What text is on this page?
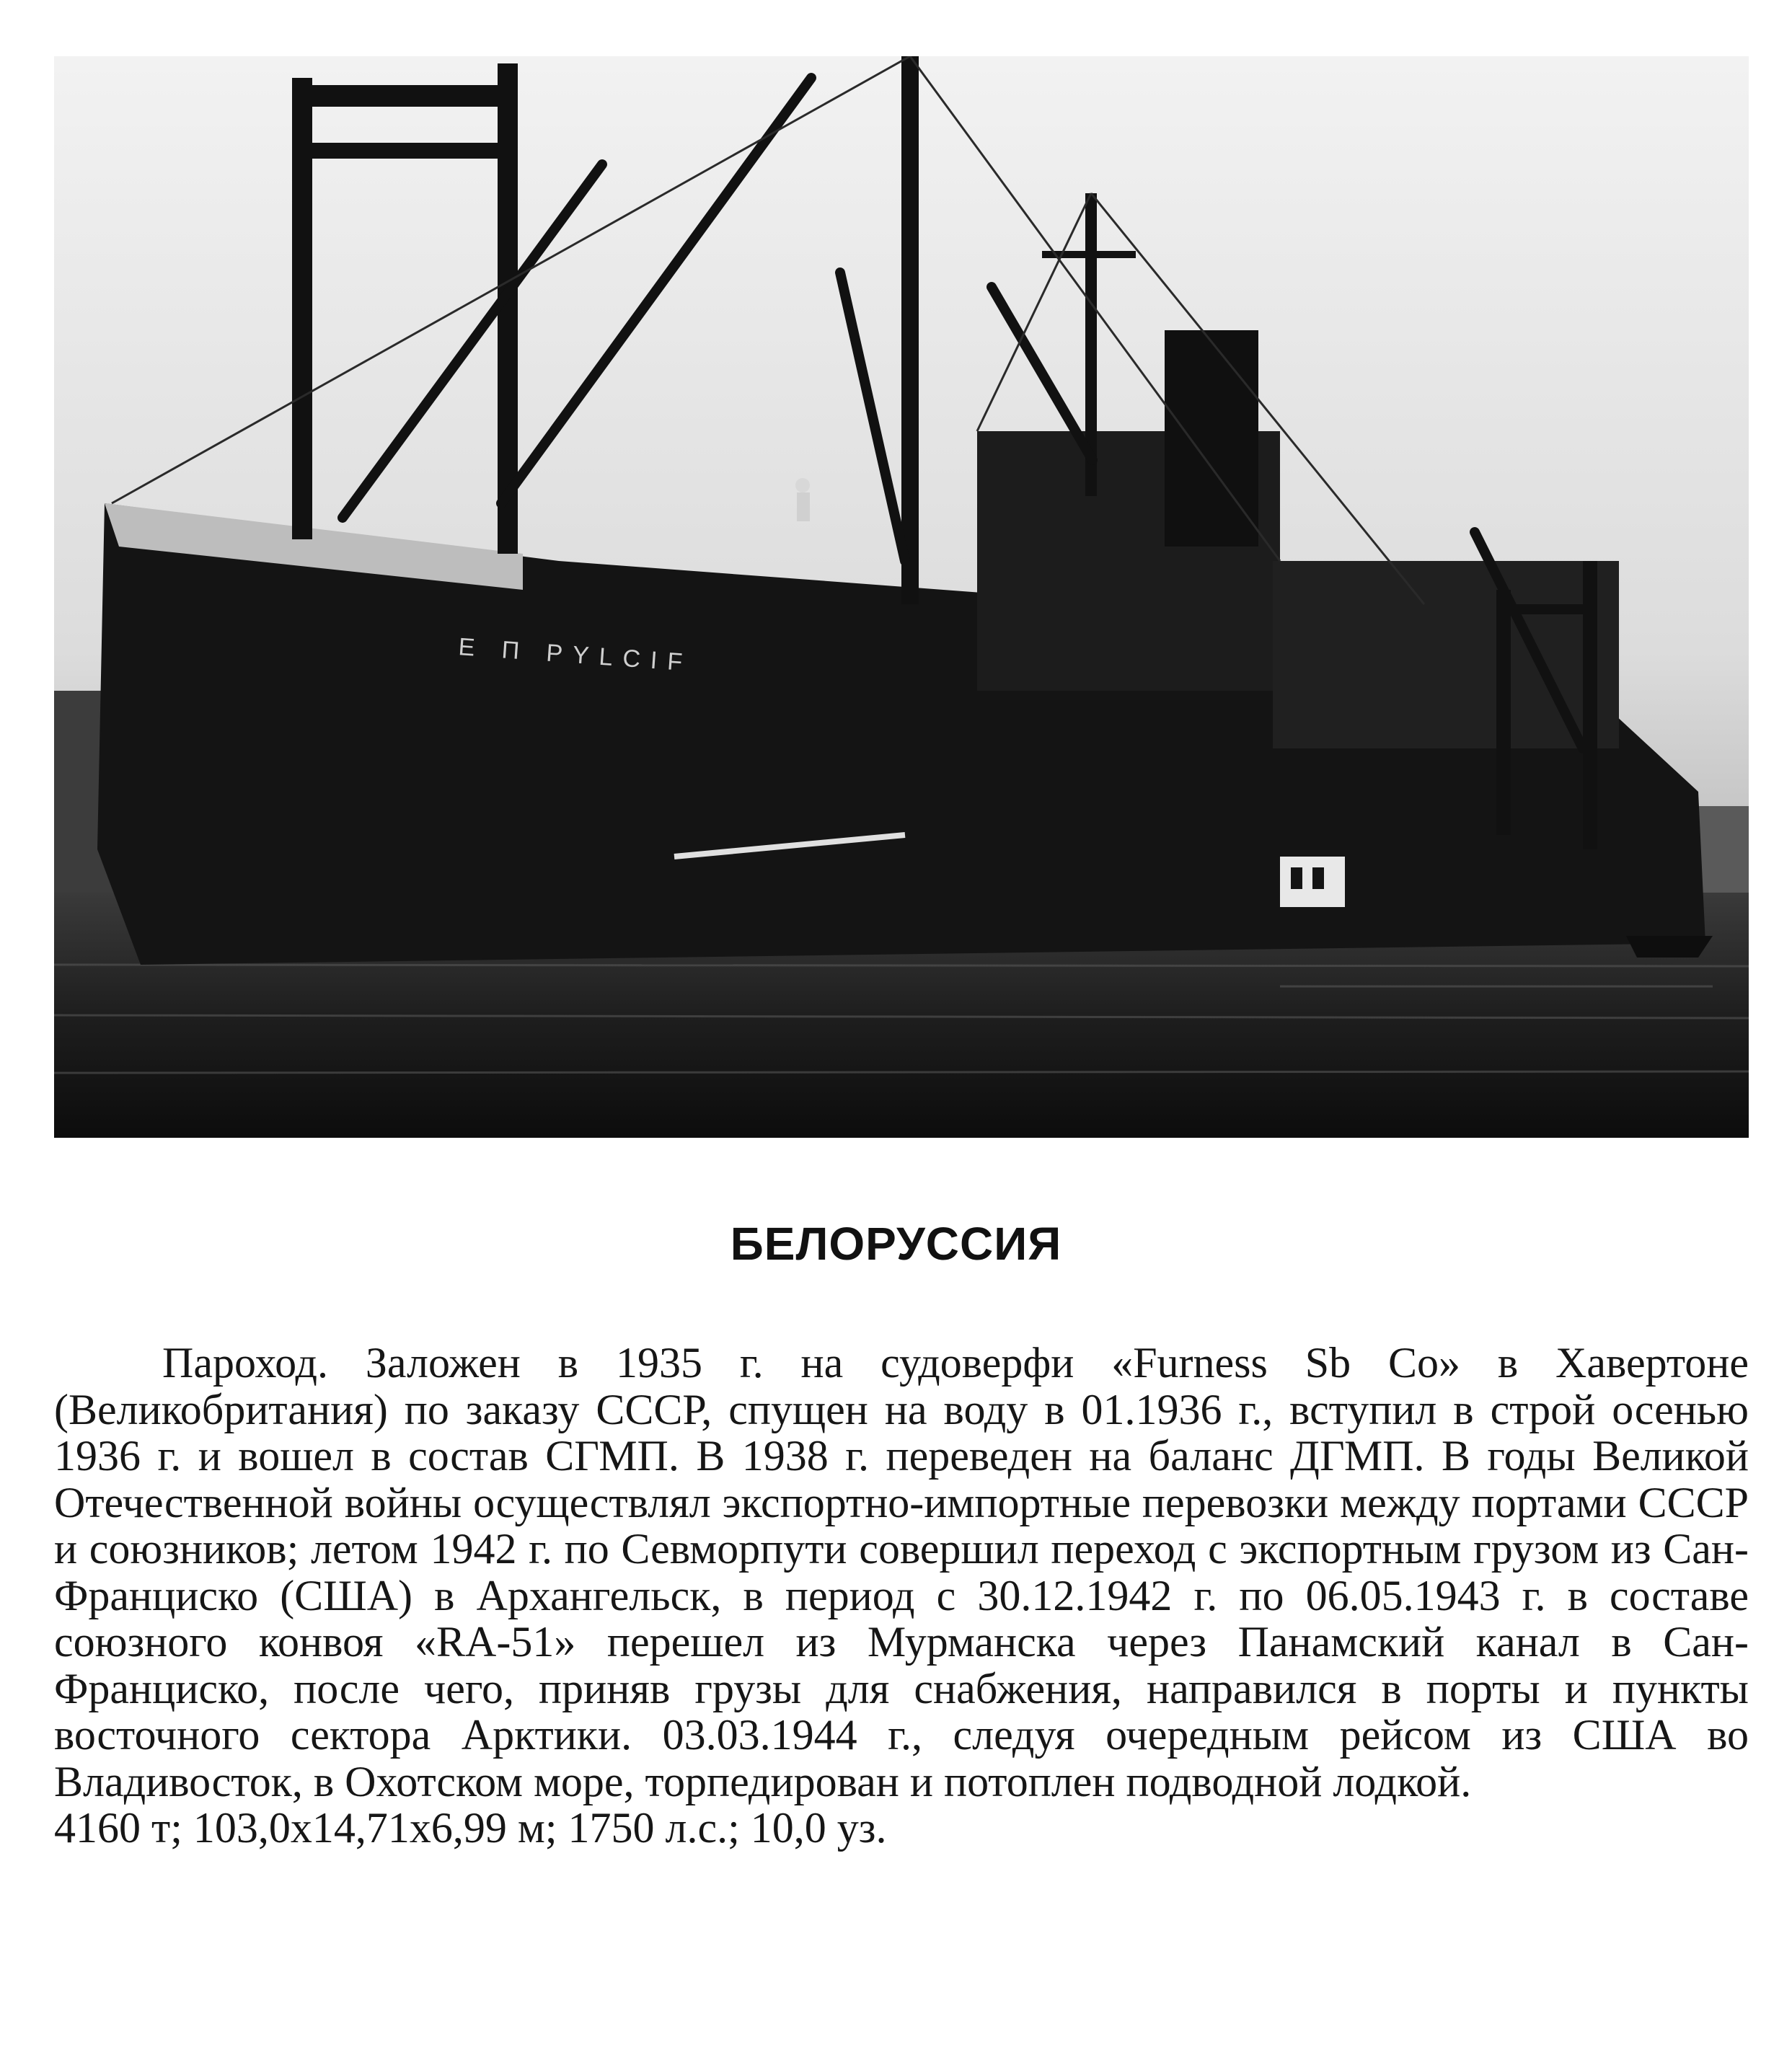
Е П PYLCIF
БЕЛОРУССИЯ

Пароход. Заложен в 1935 г. на судоверфи «Furness Sb Co» в Хавертоне (Великобритания) по заказу СССР, спущен на воду в 01.1936 г., вступил в строй осенью 1936 г. и вошел в состав СГМП. В 1938 г. переведен на баланс ДГМП. В годы Великой Отечественной войны осуществлял экспортно-импортные перевозки между портами СССР и союзников; летом 1942 г. по Севморпути совершил переход с экспортным грузом из Сан-Франциско (США) в Архангельск, в период с 30.12.1942 г. по 06.05.1943 г. в составе союзного конвоя «RA-51» перешел из Мурманска через Панамский канал в Сан-Франциско, после чего, приняв грузы для снабжения, направился в порты и пункты восточного сектора Арктики. 03.03.1944 г., следуя очередным рейсом из США во Владивосток, в Охотском море, торпедирован и потоплен подводной лодкой.

4160 т; 103,0х14,71х6,99 м; 1750 л.с.; 10,0 уз.
